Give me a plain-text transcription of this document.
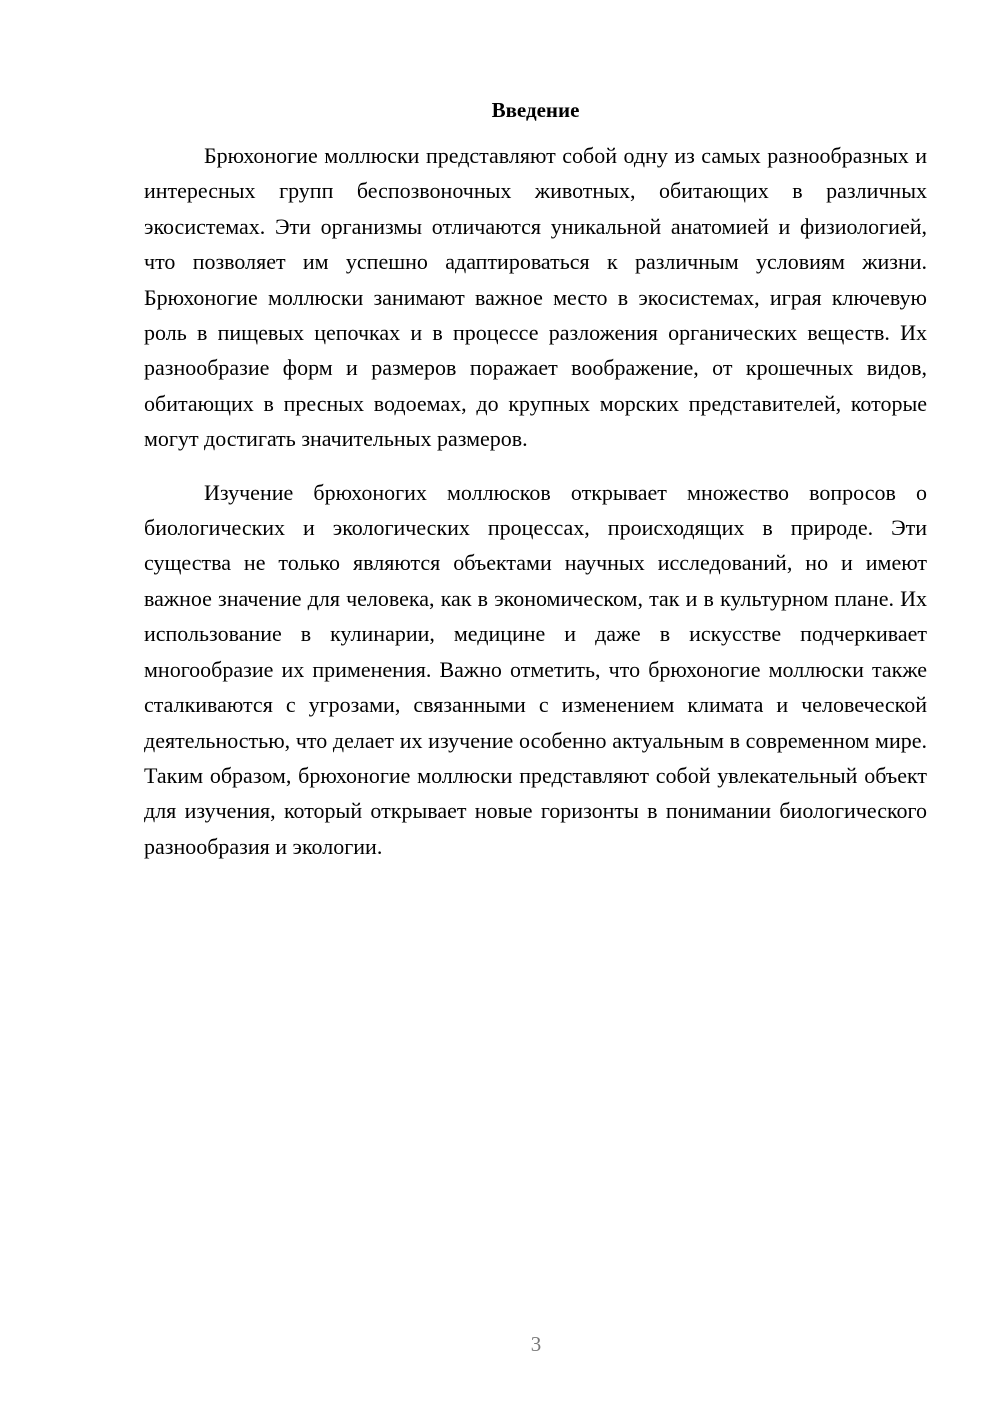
Введение

Брюхоногие моллюски представляют собой одну из самых разнообразных и интересных групп беспозвоночных животных, обитающих в различных экосистемах. Эти организмы отличаются уникальной анатомией и физиологией, что позволяет им успешно адаптироваться к различным условиям жизни. Брюхоногие моллюски занимают важное место в экосистемах, играя ключевую роль в пищевых цепочках и в процессе разложения органических веществ. Их разнообразие форм и размеров поражает воображение, от крошечных видов, обитающих в пресных водоемах, до крупных морских представителей, которые могут достигать значительных размеров.

Изучение брюхоногих моллюсков открывает множество вопросов о биологических и экологических процессах, происходящих в природе. Эти существа не только являются объектами научных исследований, но и имеют важное значение для человека, как в экономическом, так и в культурном плане. Их использование в кулинарии, медицине и даже в искусстве подчеркивает многообразие их применения. Важно отметить, что брюхоногие моллюски также сталкиваются с угрозами, связанными с изменением климата и человеческой деятельностью, что делает их изучение особенно актуальным в современном мире. Таким образом, брюхоногие моллюски представляют собой увлекательный объект для изучения, который открывает новые горизонты в понимании биологического разнообразия и экологии.

3
